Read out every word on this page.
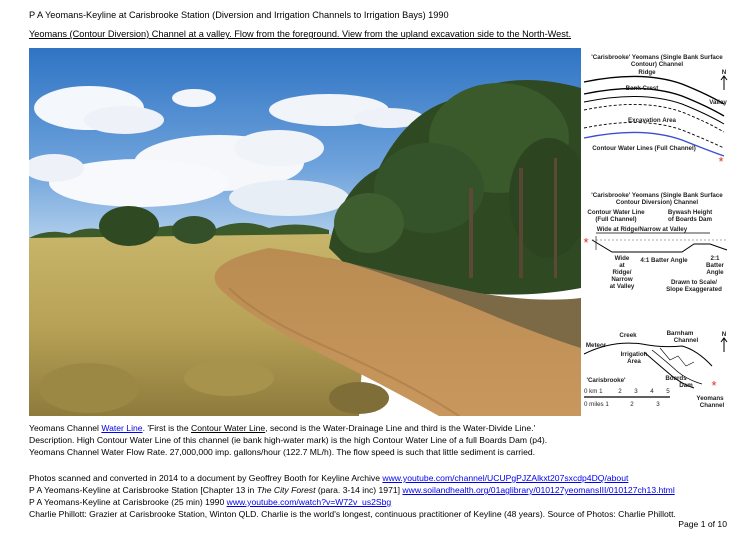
P A Yeomans-Keyline at Carisbrooke Station (Diversion and Irrigation Channels to Irrigation Bays) 1990
Yeomans (Contour Diversion) Channel at a valley. Flow from the foreground. View from the upland excavation side to the North-West.
'Carisbrooke' Yeomans (Single Bank Surface
Contour) Channel
Ridge	N
Bank Crest
Valley
Excavation Area
Contour Water Lines (Full Channel)
*
'Carisbrooke' Yeomans (Single Bank Surface
Contour Diversion) Channel
Contour Water Line
(Full Channel)
Bywash Height
of Boards Dam
Wide at Ridge/Narrow at Valley
*
Wide
at
Ridge/
Narrow
at Valley
4:1 Batter Angle	2:1
Batter
Angle
Drawn to Scale/
Slope Exaggerated
Creek	Barnham
Channel
N
Meteor
Irrigation
Area
Boards
Dam
'Carisbrooke'
0 km 1	2 3 4 5
0 miles 1	2	3
*
Yeomans
Channel
Yeomans Channel Water Line. 'First is the Contour Water Line, second is the Water-Drainage Line and third is the Water-Divide Line.'
Description. High Contour Water Line of this channel (ie bank high-water mark) is the high Contour Water Line of a full Boards Dam (p4).
Yeomans Channel Water Flow Rate. 27,000,000 imp. gallons/hour (122.7 ML/h). The flow speed is such that little sediment is carried.
Photos scanned and converted in 2014 to a document by Geoffrey Booth for Keyline Archive www.youtube.com/channel/UCUPgPJZAlkxt207sxcdp4DQ/about
P A Yeomans-Keyline at Carisbrooke Station [Chapter 13 in The City Forest (para. 3-14 inc) 1971] www.soilandhealth.org/01aglibrary/010127yeomansIII/010127ch13.html
P A Yeomans-Keyline at Carisbrooke (25 min) 1990 www.youtube.com/watch?v=W72v_us2Sbg
Charlie Phillott: Grazier at Carisbrooke Station, Winton QLD. Charlie is the world's longest, continuous practitioner of Keyline (48 years). Source of Photos: Charlie Phillott.
Page 1 of 10
